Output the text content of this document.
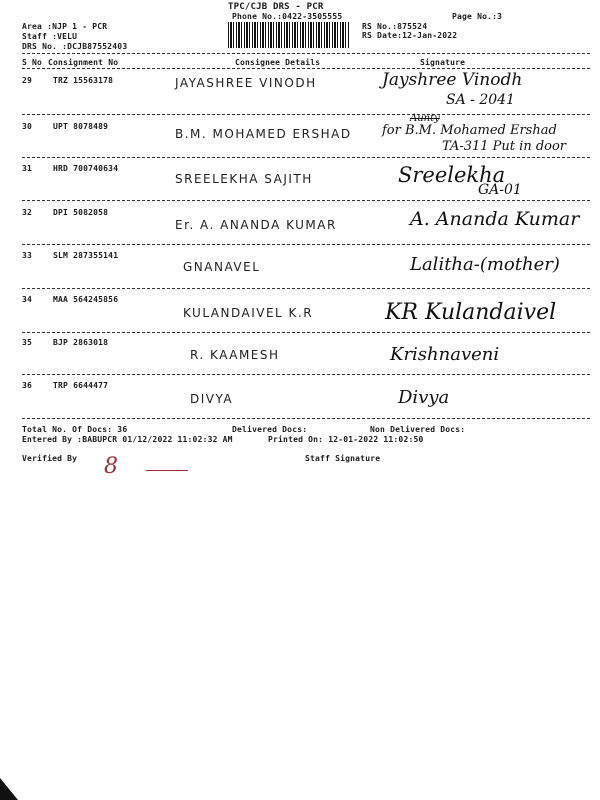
TPC/CJB DRS - PCR
Phone No.:0422-3505555	Page No.:3
Area :NJP 1 - PCR
Staff :VELU
DRS No. :DCJB87552403
RS No.:875524
RS Date:12-Jan-2022
S No Consignment No	Consignee Details	Signature
29	TRZ 15563178	JAYASHREE VINODH	Jayshree Vinodh
SA - 2041
30	UPT 8078489
B.M. MOHAMED ERSHAD
Aunty
for B.M. Mohamed Ershad
TA-311 Put in door
31	HRD 700740634
SREELEKHA SAJITH	Sreelekha
GA-01
32	DPI 5082058
Er. A. ANANDA KUMAR	A. Ananda Kumar
33	SLM 287355141
GNANAVEL	Lalitha-(mother)
34	MAA 564245856
KULANDAIVEL K.R	KR Kulandaivel
35	BJP 2863018
R. KAAMESH	Krishnaveni
36	TRP 6644477
DIVYA	Divya
Total No. Of Docs: 36	Delivered Docs:	Non Delivered Docs:
Entered By :BABUPCR 01/12/2022 11:02:32 AM	Printed On: 12-01-2022 11:02:50
Verified By 8	Staff Signature
